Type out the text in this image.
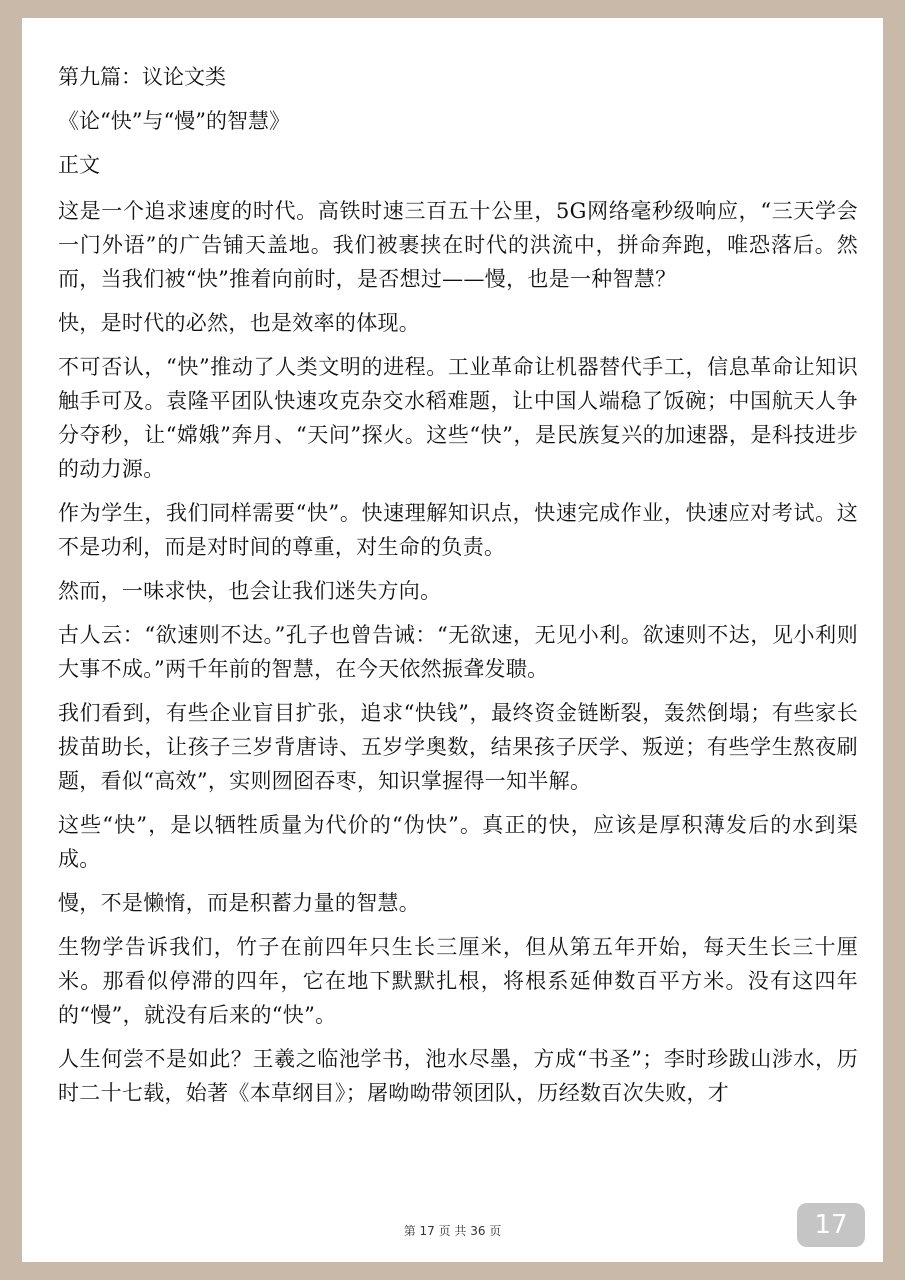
第九篇：议论文类
《论“快”与“慢”的智慧》
正文

这是一个追求速度的时代。高铁时速三百五十公里，5G网络毫秒级响应，“三天学会一门外语”的广告铺天盖地。我们被裹挟在时代的洪流中，拼命奔跑，唯恐落后。然而，当我们被“快”推着向前时，是否想过——慢，也是一种智慧？

快，是时代的必然，也是效率的体现。

不可否认，“快”推动了人类文明的进程。工业革命让机器替代手工，信息革命让知识触手可及。袁隆平团队快速攻克杂交水稻难题，让中国人端稳了饭碗；中国航天人争分夺秒，让“嫦娥”奔月、“天问”探火。这些“快”，是民族复兴的加速器，是科技进步的动力源。

作为学生，我们同样需要“快”。快速理解知识点，快速完成作业，快速应对考试。这不是功利，而是对时间的尊重，对生命的负责。

然而，一味求快，也会让我们迷失方向。

古人云：“欲速则不达。”孔子也曾告诫：“无欲速，无见小利。欲速则不达，见小利则大事不成。”两千年前的智慧，在今天依然振聋发聩。

我们看到，有些企业盲目扩张，追求“快钱”，最终资金链断裂，轰然倒塌；有些家长拔苗助长，让孩子三岁背唐诗、五岁学奥数，结果孩子厌学、叛逆；有些学生熬夜刷题，看似“高效”，实则囫囵吞枣，知识掌握得一知半解。

这些“快”，是以牺牲质量为代价的“伪快”。真正的快，应该是厚积薄发后的水到渠成。

慢，不是懒惰，而是积蓄力量的智慧。

生物学告诉我们，竹子在前四年只生长三厘米，但从第五年开始，每天生长三十厘米。那看似停滞的四年，它在地下默默扎根，将根系延伸数百平方米。没有这四年的“慢”，就没有后来的“快”。

人生何尝不是如此？王羲之临池学书，池水尽墨，方成“书圣”；李时珍跋山涉水，历时二十七载，始著《本草纲目》；屠呦呦带领团队，历经数百次失败，才

第 17 页 共 36 页	17
